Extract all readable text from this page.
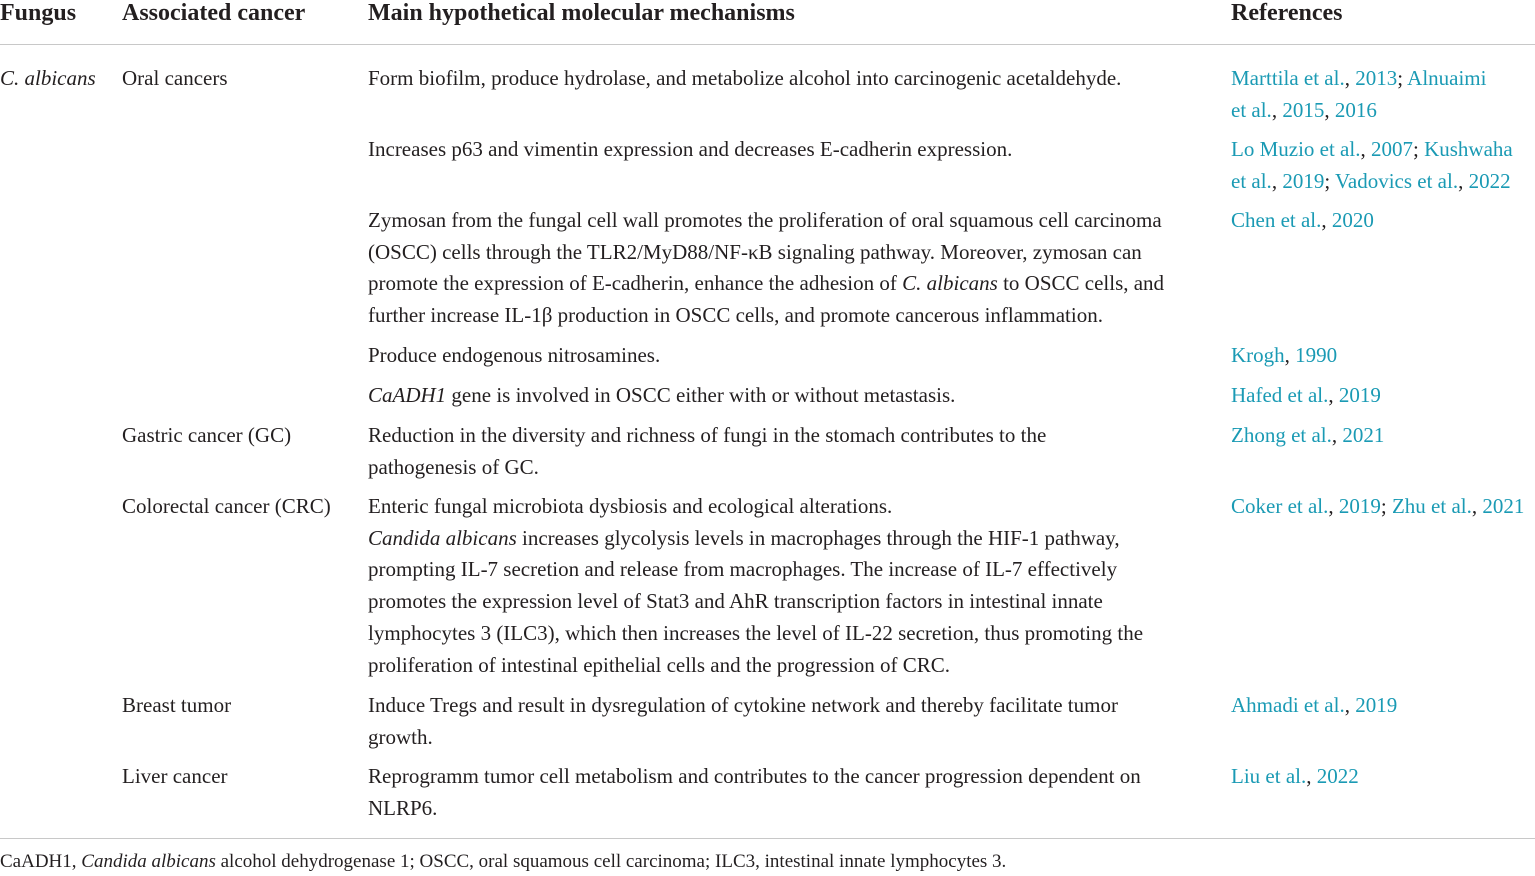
Fungus Associated cancer	Main hypothetical molecular mechanisms	References
C. albicans Oral cancers
Gastric cancer (GC)
Colorectal cancer (CRC)
Breast tumor
Liver cancer
Form biofilm, produce hydrolase, and metabolize alcohol into carcinogenic acetaldehyde.
Increases p63 and vimentin expression and decreases E-cadherin expression.
Zymosan from the fungal cell wall promotes the proliferation of oral squamous cell carcinoma
(OSCC) cells through the TLR2/MyD88/NF-κB signaling pathway. Moreover, zymosan can
promote the expression of E-cadherin, enhance the adhesion of C. albicans to OSCC cells, and
further increase IL-1β production in OSCC cells, and promote cancerous inflammation.
Produce endogenous nitrosamines.
CaADH1 gene is involved in OSCC either with or without metastasis.
Reduction in the diversity and richness of fungi in the stomach contributes to the
pathogenesis of GC.
Enteric fungal microbiota dysbiosis and ecological alterations.
Candida albicans increases glycolysis levels in macrophages through the HIF-1 pathway,
prompting IL-7 secretion and release from macrophages. The increase of IL-7 effectively
promotes the expression level of Stat3 and AhR transcription factors in intestinal innate
lymphocytes 3 (ILC3), which then increases the level of IL-22 secretion, thus promoting the
proliferation of intestinal epithelial cells and the progression of CRC.
Induce Tregs and result in dysregulation of cytokine network and thereby facilitate tumor
growth.
Reprogramm tumor cell metabolism and contributes to the cancer progression dependent on
NLRP6.
Marttila et al., 2013; Alnuaimi
et al., 2015, 2016
Lo Muzio et al., 2007; Kushwaha
et al., 2019; Vadovics et al., 2022
Chen et al., 2020
Krogh, 1990
Hafed et al., 2019
Zhong et al., 2021
Coker et al., 2019; Zhu et al., 2021
Ahmadi et al., 2019
Liu et al., 2022
CaADH1, Candida albicans alcohol dehydrogenase 1; OSCC, oral squamous cell carcinoma; ILC3, intestinal innate lymphocytes 3.
